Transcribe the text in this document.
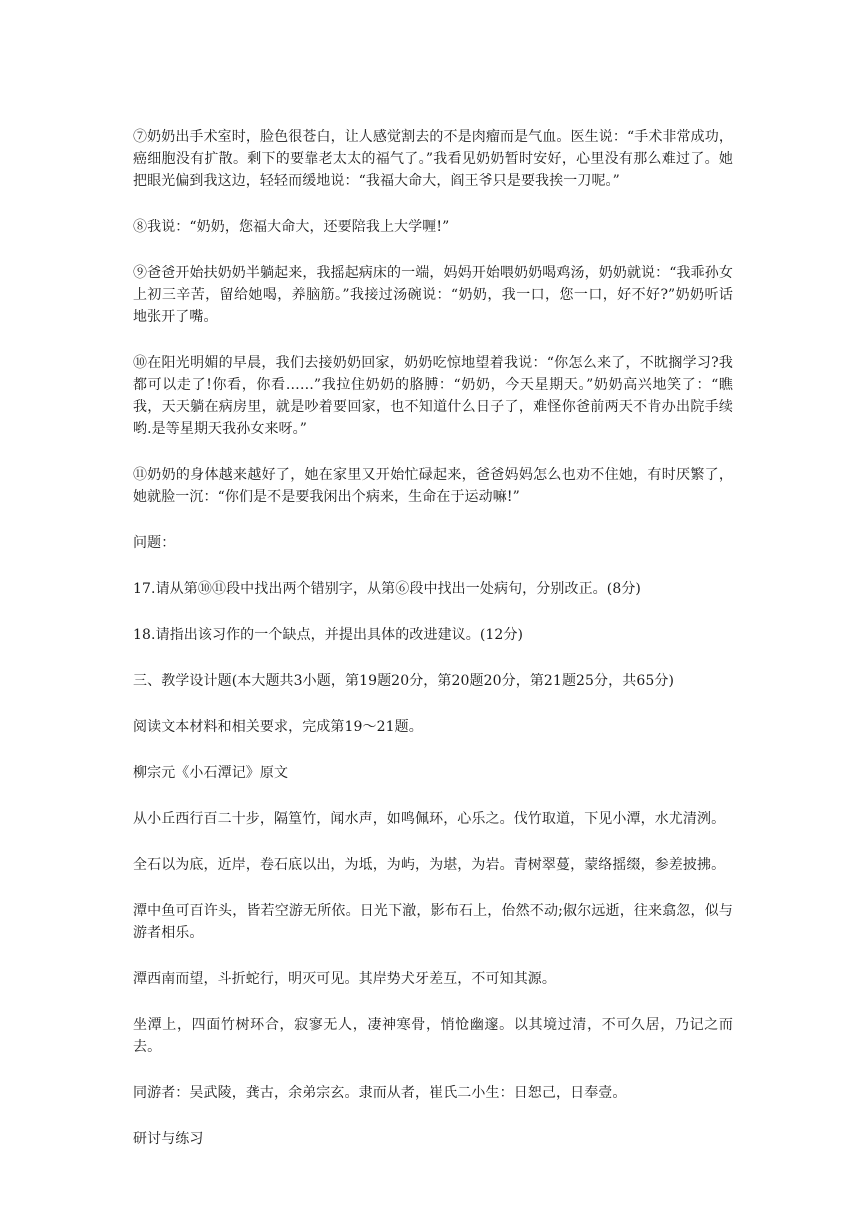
⑦奶奶出手术室时，脸色很苍白，让人感觉割去的不是肉瘤而是气血。医生说：“手术非常成功，癌细胞没有扩散。剩下的要靠老太太的福气了。”我看见奶奶暂时安好，心里没有那么难过了。她把眼光偏到我这边，轻轻而缓地说：“我福大命大，阎王爷只是要我挨一刀呢。”

⑧我说：“奶奶，您福大命大，还要陪我上大学喱!”

⑨爸爸开始扶奶奶半躺起来，我摇起病床的一端，妈妈开始喂奶奶喝鸡汤，奶奶就说：“我乖孙女上初三辛苦，留给她喝，养脑筋。”我接过汤碗说：“奶奶，我一口，您一口，好不好?”奶奶听话地张开了嘴。

⑩在阳光明媚的早晨，我们去接奶奶回家，奶奶吃惊地望着我说：“你怎么来了，不眈搁学习?我都可以走了!你看，你看……”我拉住奶奶的胳膊：“奶奶，今天星期天。”奶奶高兴地笑了：“瞧我，天天躺在病房里，就是吵着要回家，也不知道什么日子了，难怪你爸前两天不肯办出院手续哟.是等星期天我孙女来呀。”

⑪奶奶的身体越来越好了，她在家里又开始忙碌起来，爸爸妈妈怎么也劝不住她，有时厌繁了，她就脸一沉：“你们是不是要我闲出个病来，生命在于运动嘛!”

问题：

17.请从第⑩⑪段中找出两个错别字，从第⑥段中找出一处病句，分别改正。(8分)

18.请指出该习作的一个缺点，并提出具体的改进建议。(12分)

三、教学设计题(本大题共3小题，第19题20分，第20题20分，第21题25分，共65分)

阅读文本材料和相关要求，完成第19～21题。

柳宗元《小石潭记》原文

从小丘西行百二十步，隔篁竹，闻水声，如鸣佩环，心乐之。伐竹取道，下见小潭，水尤清洌。

全石以为底，近岸，卷石底以出，为坻，为屿，为堪，为岩。青树翠蔓，蒙络摇缀，参差披拂。

潭中鱼可百许头，皆若空游无所依。日光下澈，影布石上，佁然不动;俶尔远逝，往来翕忽，似与游者相乐。

潭西南而望，斗折蛇行，明灭可见。其岸势犬牙差互，不可知其源。

坐潭上，四面竹树环合，寂寥无人，凄神寒骨，悄怆幽邃。以其境过清，不可久居，乃记之而去。

同游者：吴武陵，龚古，余弟宗玄。隶而从者，崔氏二小生：日恕己，日奉壹。

研讨与练习
